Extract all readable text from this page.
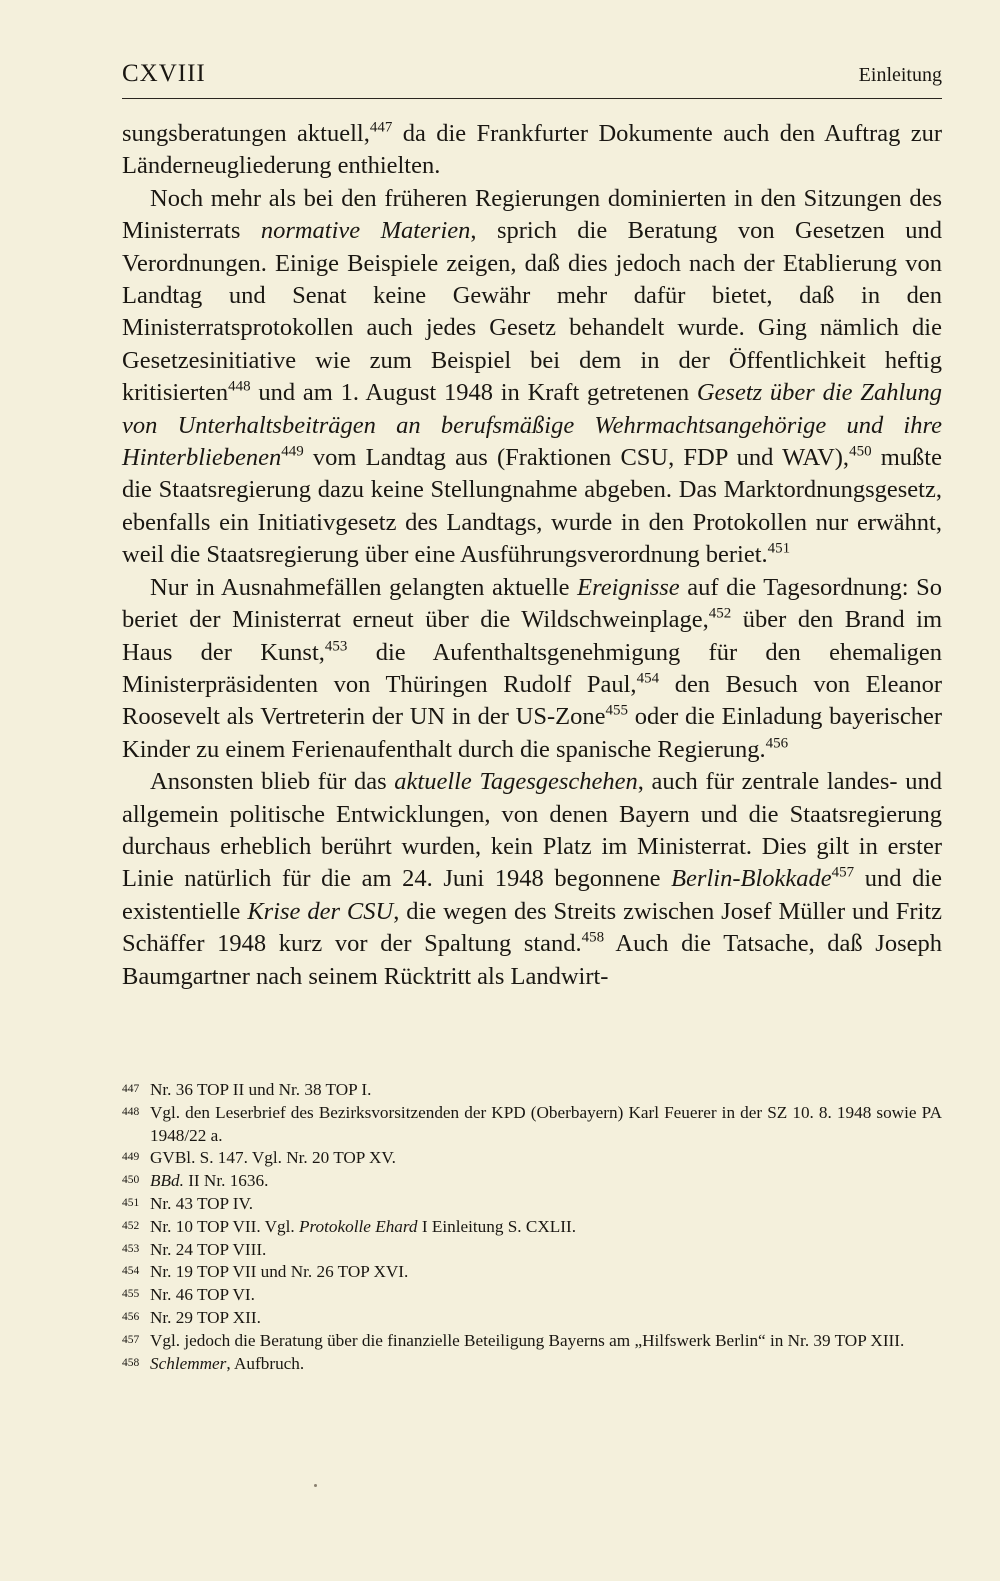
CXVIII	Einleitung

sungsberatungen aktuell,$^{447}$ da die Frankfurter Dokumente auch den Auftrag zur Länderneugliederung enthielten.

Noch mehr als bei den früheren Regierungen dominierten in den Sitzungen des Ministerrats normative Materien, sprich die Beratung von Gesetzen und Verordnungen. Einige Beispiele zeigen, daß dies jedoch nach der Etablierung von Landtag und Senat keine Gewähr mehr dafür bietet, daß in den Ministerratsprotokollen auch jedes Gesetz behandelt wurde. Ging nämlich die Gesetzesinitiative wie zum Beispiel bei dem in der Öffentlichkeit heftig kritisierten$^{448}$ und am 1. August 1948 in Kraft getretenen Gesetz über die Zahlung von Unterhaltsbeiträgen an berufsmäßige Wehrmachtsangehörige und ihre Hinterbliebenen$^{449}$ vom Landtag aus (Fraktionen CSU, FDP und WAV),$^{450}$ mußte die Staatsregierung dazu keine Stellungnahme abgeben. Das Marktordnungsgesetz, ebenfalls ein Initiativgesetz des Landtags, wurde in den Protokollen nur erwähnt, weil die Staatsregierung über eine Ausführungsverordnung beriet.$^{451}$

Nur in Ausnahmefällen gelangten aktuelle Ereignisse auf die Tagesordnung: So beriet der Ministerrat erneut über die Wildschweinplage,$^{452}$ über den Brand im Haus der Kunst,$^{453}$ die Aufenthaltsgenehmigung für den ehemaligen Ministerpräsidenten von Thüringen Rudolf Paul,$^{454}$ den Besuch von Eleanor Roosevelt als Vertreterin der UN in der US-Zone$^{455}$ oder die Einladung bayerischer Kinder zu einem Ferienaufenthalt durch die spanische Regierung.$^{456}$

Ansonsten blieb für das aktuelle Tagesgeschehen, auch für zentrale landes- und allgemein politische Entwicklungen, von denen Bayern und die Staatsregierung durchaus erheblich berührt wurden, kein Platz im Ministerrat. Dies gilt in erster Linie natürlich für die am 24. Juni 1948 begonnene Berlin-Blokkade$^{457}$ und die existentielle Krise der CSU, die wegen des Streits zwischen Josef Müller und Fritz Schäffer 1948 kurz vor der Spaltung stand.$^{458}$ Auch die Tatsache, daß Joseph Baumgartner nach seinem Rücktritt als Landwirt-

447 Nr. 36 TOP II und Nr. 38 TOP I.
448 Vgl. den Leserbrief des Bezirksvorsitzenden der KPD (Oberbayern) Karl Feuerer in der SZ 10. 8. 1948 sowie PA 1948/22 a.
449 GVBl. S. 147. Vgl. Nr. 20 TOP XV.
450 BBd. II Nr. 1636.
451 Nr. 43 TOP IV.
452 Nr. 10 TOP VII. Vgl. Protokolle Ehard I Einleitung S. CXLII.
453 Nr. 24 TOP VIII.
454 Nr. 19 TOP VII und Nr. 26 TOP XVI.
455 Nr. 46 TOP VI.
456 Nr. 29 TOP XII.
457 Vgl. jedoch die Beratung über die finanzielle Beteiligung Bayerns am „Hilfswerk Berlin“ in Nr. 39 TOP XIII.
458 Schlemmer, Aufbruch.
